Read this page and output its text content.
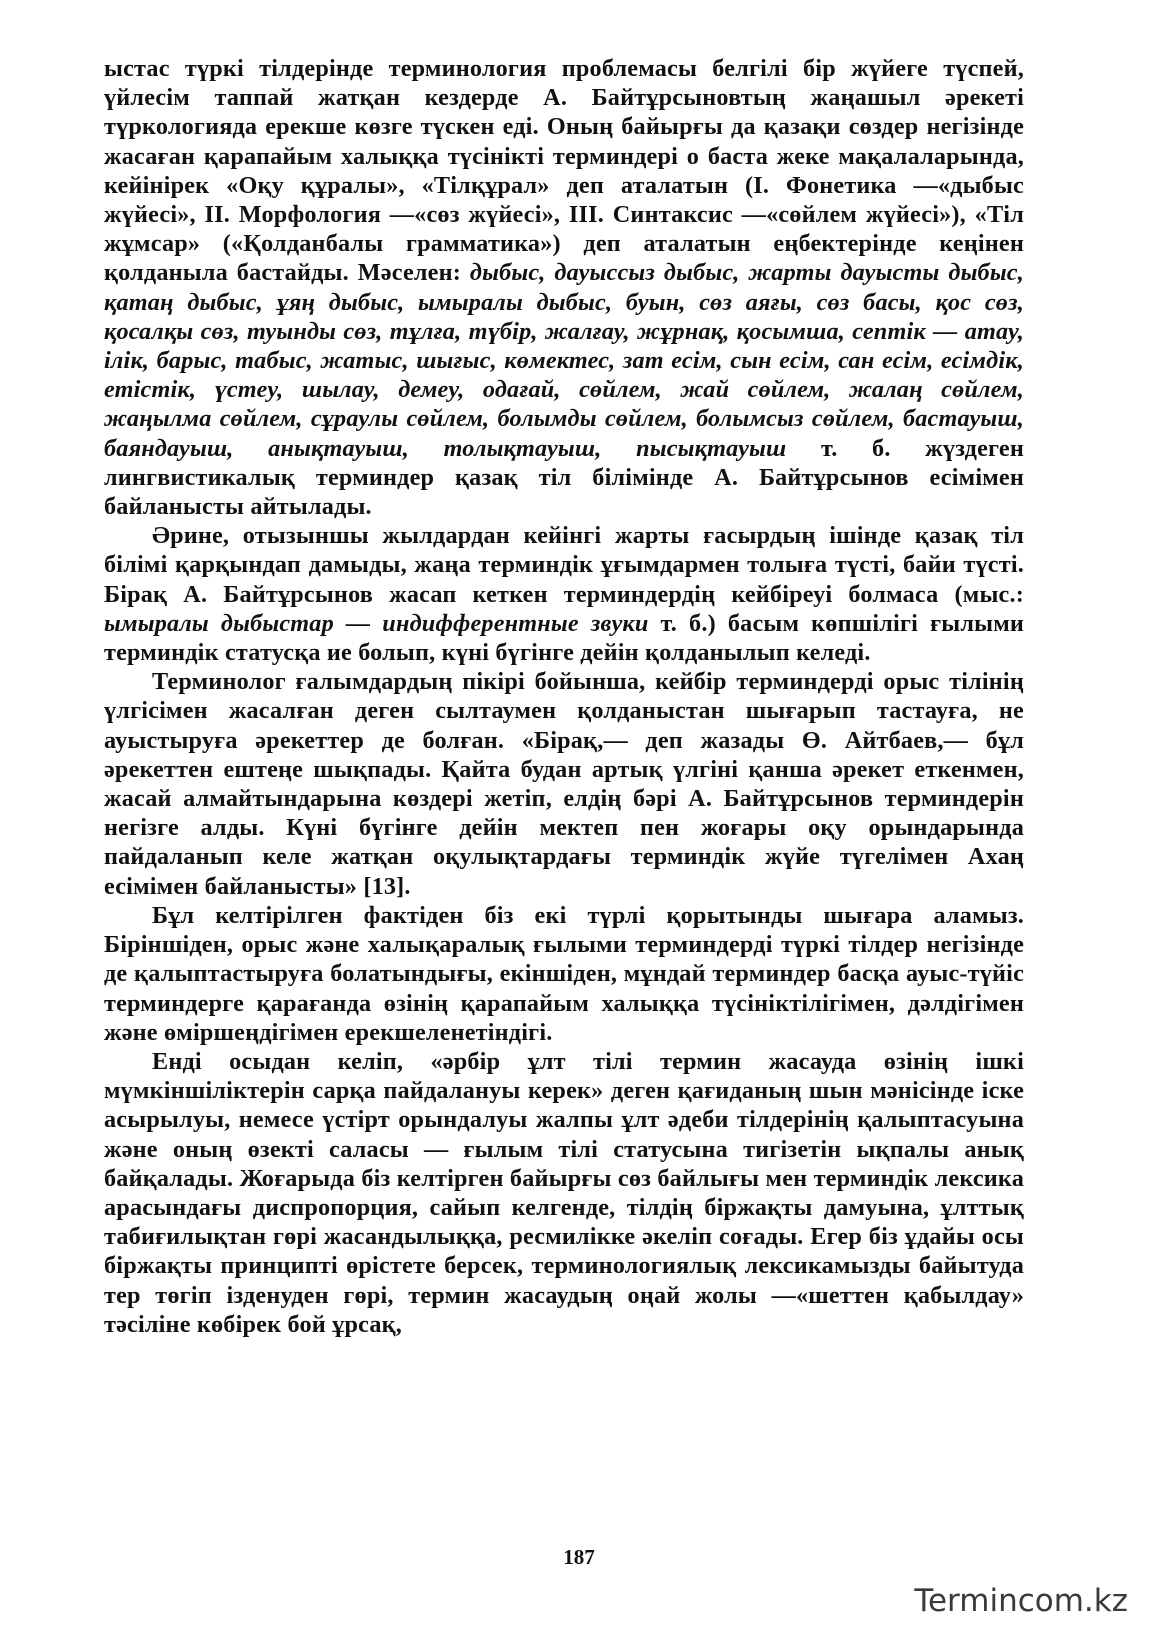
ыстас түркі тілдерінде терминология проблемасы белгілі бір жүйеге түспей, үйлесім таппай жатқан кездерде А. Байтұрсыновтың жаңашыл әрекеті түркологияда ерекше көзге түскен еді. Оның байырғы да қазақи сөздер негізінде жасаған қарапайым халыққа түсінікті терминдері о баста жеке мақалаларында, кейінірек «Оқу құралы», «Тілқұрал» деп аталатын (I. Фонетика —«дыбыс жүйесі», II. Морфология —«сөз жүйесі», III. Синтаксис —«сөйлем жүйесі»), «Тіл жұмсар» («Қолданбалы грамматика») деп аталатын еңбектерінде кеңінен қолданыла бастайды. Мәселен: дыбыс, дауыссыз дыбыс, жарты дауысты дыбыс, қатаң дыбыс, ұяң дыбыс, ымыралы дыбыс, буын, сөз аяғы, сөз басы, қос сөз, қосалқы сөз, туынды сөз, тұлға, түбір, жалғау, жұрнақ, қосымша, септік — атау, ілік, барыс, табыс, жатыс, шығыс, көмектес, зат есім, сын есім, сан есім, есімдік, етістік, үстеу, шылау, демеу, одағай, сөйлем, жай сөйлем, жалаң сөйлем, жаңылма сөйлем, сұраулы сөйлем, болымды сөйлем, болымсыз сөйлем, бастауыш, баяндауыш, анықтауыш, толықтауыш, пысықтауыш т. б. жүздеген лингвистикалық терминдер қазақ тіл білімінде А. Байтұрсынов есімімен байланысты айтылады.

Әрине, отызыншы жылдардан кейінгі жарты ғасырдың ішінде қазақ тіл білімі қарқындап дамыды, жаңа терминдік ұғымдармен толыға түсті, байи түсті. Бірақ А. Байтұрсынов жасап кеткен терминдердің кейбіреуі болмаса (мыс.: ымыралы дыбыстар — индифферентные звуки т. б.) басым көпшілігі ғылыми терминдік статусқа ие болып, күні бүгінге дейін қолданылып келеді.

Терминолог ғалымдардың пікірі бойынша, кейбір терминдерді орыс тілінің үлгісімен жасалған деген сылтаумен қолданыстан шығарып тастауға, не ауыстыруға әрекеттер де болған. «Бірақ,— деп жазады Ө. Айтбаев,— бұл әрекеттен ештеңе шықпады. Қайта будан артық үлгіні қанша әрекет еткенмен, жасай алмайтындарына көздері жетіп, елдің бәрі А. Байтұрсынов терминдерін негізге алды. Күні бүгінге дейін мектеп пен жоғары оқу орындарында пайдаланып келе жатқан оқулықтардағы терминдік жүйе түгелімен Ахаң есімімен байланысты» [13].

Бұл келтірілген фактіден біз екі түрлі қорытынды шығара аламыз. Біріншіден, орыс және халықаралық ғылыми терминдерді түркі тілдер негізінде де қалыптастыруға болатындығы, екіншіден, мұндай терминдер басқа ауыс-түйіс терминдерге қарағанда өзінің қарапайым халыққа түсініктілігімен, дәлдігімен және өміршеңдігімен ерекшеленетіндігі.

Енді осыдан келіп, «әрбір ұлт тілі термин жасауда өзінің ішкі мүмкіншіліктерін сарқа пайдалануы керек» деген қағиданың шын мәнісінде іске асырылуы, немесе үстірт орындалуы жалпы ұлт әдеби тілдерінің қалыптасуына және оның өзекті саласы — ғылым тілі статусына тигізетін ықпалы анық байқалады. Жоғарыда біз келтірген байырғы сөз байлығы мен терминдік лексика арасындағы диспропорция, сайып келгенде, тілдің біржақты дамуына, ұлттық табиғилықтан гөрі жасандылыққа, ресмилікке әкеліп соғады. Егер біз ұдайы осы біржақты принципті өрістете берсек, терминологиялық лексикамызды байытуда тер төгіп ізденуден гөрі, термин жасаудың оңай жолы —«шеттен қабылдау» тәсіліне көбірек бой ұрсақ,

187
Termincom.kz
